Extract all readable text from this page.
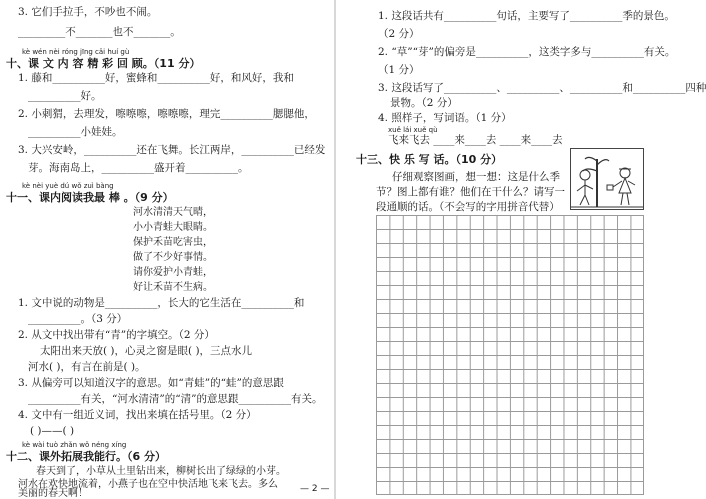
3. 它们手拉手，不吵也不闹。
_________不_______也不_______。
kè wén nèi róng jīng cǎi huí gù
十、课 文 内 容 精 彩 回 顾。（11 分）
1. 藤和__________好，蜜蜂和__________好，和风好，我和
__________好。
2. 小刺猬，去理发，嚓嚓嚓，嚓嚓嚓，理完__________腮腮他，
__________小娃娃。
3. 大兴安岭，__________还在飞舞。长江两岸，__________已经发
芽。海南岛上，__________盛开着__________。
kè nèi yuè dú wǒ zuì bàng
十一、课内阅读我最 棒 。（9 分）
河水清清天气晴，
小小青蛙大眼睛。
保护禾苗吃害虫，
做了不少好事情。
请你爱护小青蛙，
好让禾苗不生病。
1. 文中说的动物是__________，长大的它生活在__________和
__________。（3 分）
2. 从文中找出带有“青”的字填空。（2 分）
太阳出来天放( )，心灵之窗是眼( )，三点水儿
河水( )，有言在前是( )。
3. 从偏旁可以知道汉字的意思。如“青蛙”的“蛙”的意思跟
__________有关，“河水清清”的“清”的意思跟__________有关。
4. 文中有一组近义词，找出来填在括号里。（2 分）
( )——( )
kè wài tuò zhǎn wǒ néng xíng
十二、课外拓展我能行。（6 分）
春天到了，小草从土里钻出来，柳树长出了绿绿的小芽。
河水在欢快地流着，小燕子也在空中快活地飞来飞去。多么
美丽的春天啊！
1. 这段话共有__________句话，主要写了__________季的景色。
（2 分）
2. “草”“芽”的偏旁是__________，这类字多与__________有关。
（1 分）
3. 这段话写了__________、__________、__________和__________四种
景物。（2 分）
4. 照样子，写词语。（1 分）
xuě lái xuě qù
飞来飞去 ____来____去 ____来____去
十三、快 乐 写 话。（10 分）
仔细观察图画，想一想：这是什么季
节？图上都有谁？他们在干什么？请写一
段通顺的话。（不会写的字用拼音代替）
— 2 —
